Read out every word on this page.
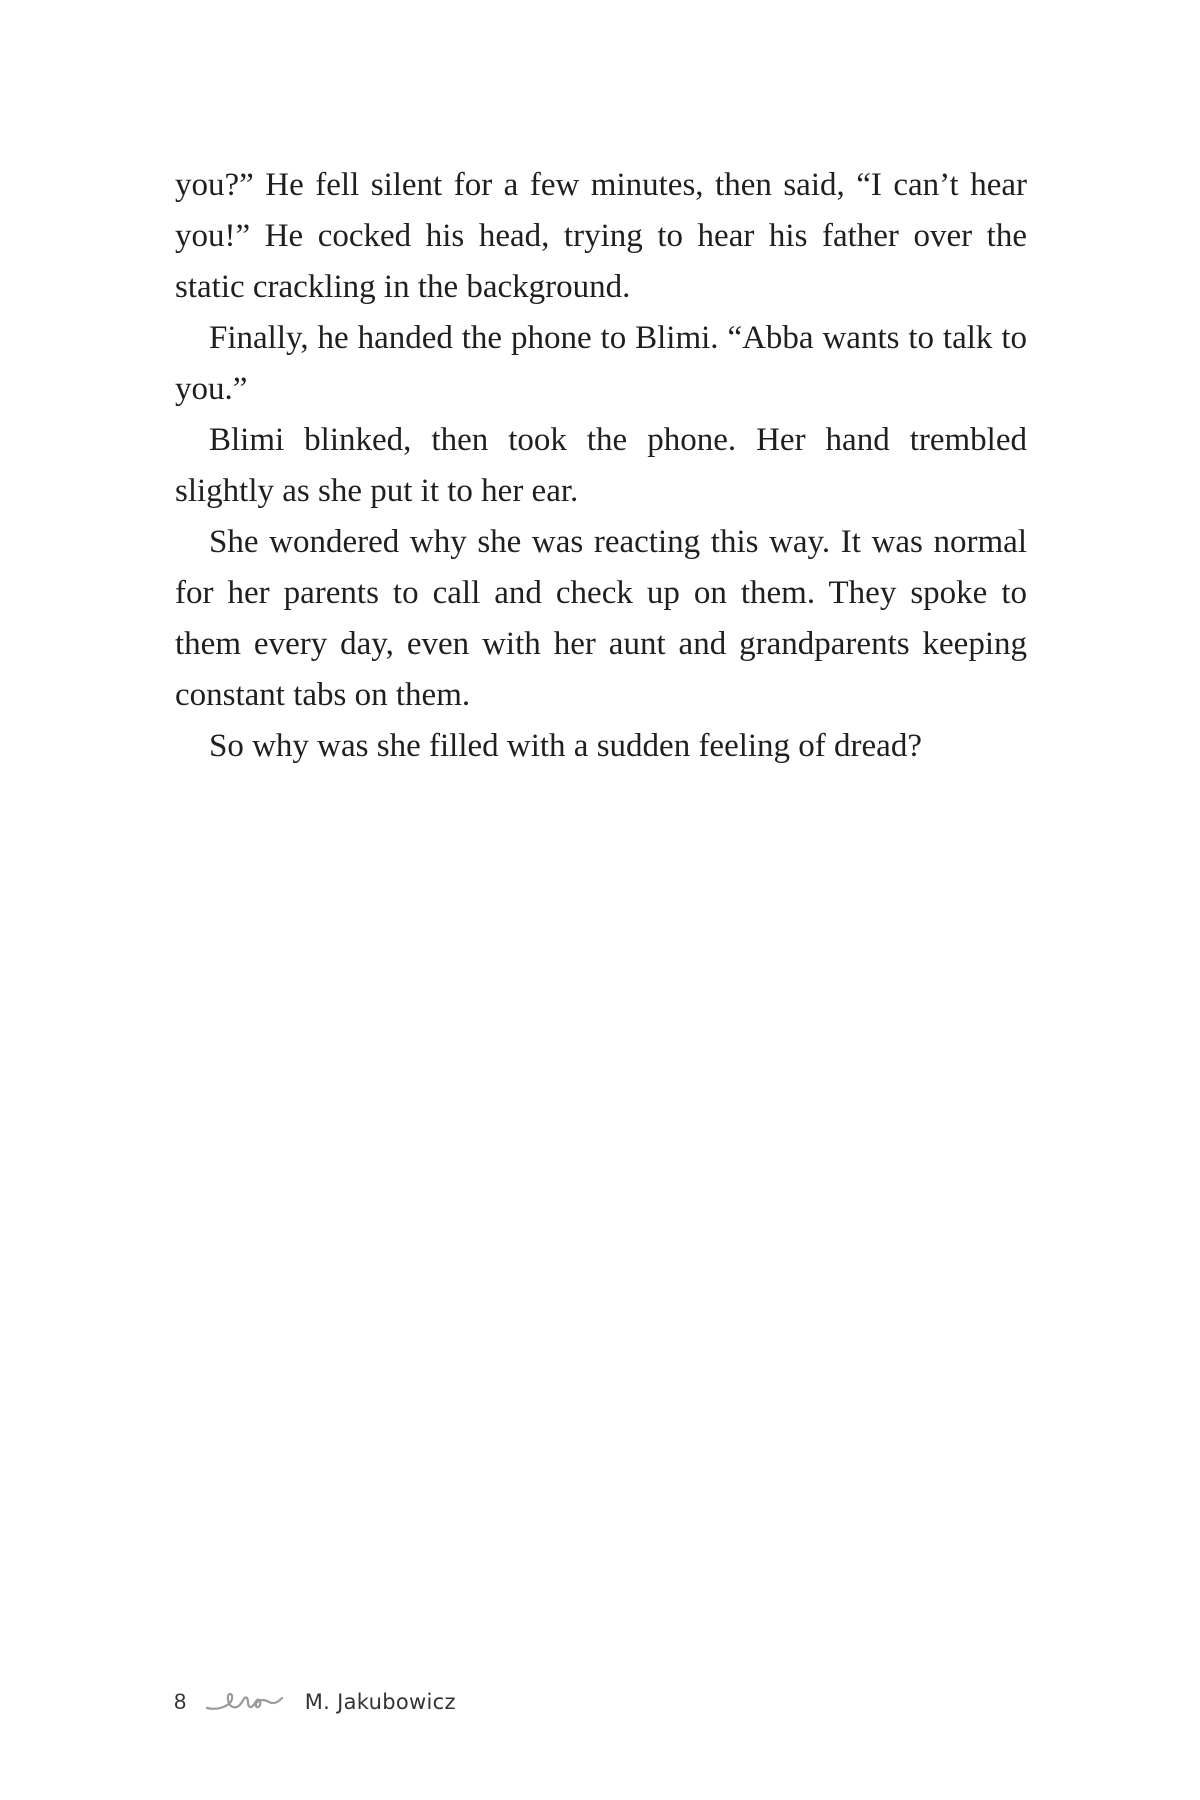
you?” He fell silent for a few minutes, then said, “I can’t hear you!” He cocked his head, trying to hear his father over the static crackling in the background.

Finally, he handed the phone to Blimi. “Abba wants to talk to you.”

Blimi blinked, then took the phone. Her hand trembled slightly as she put it to her ear.

She wondered why she was reacting this way. It was normal for her parents to call and check up on them. They spoke to them every day, even with her aunt and grandparents keeping constant tabs on them.

So why was she filled with a sudden feeling of dread?

8	M. Jakubowicz
